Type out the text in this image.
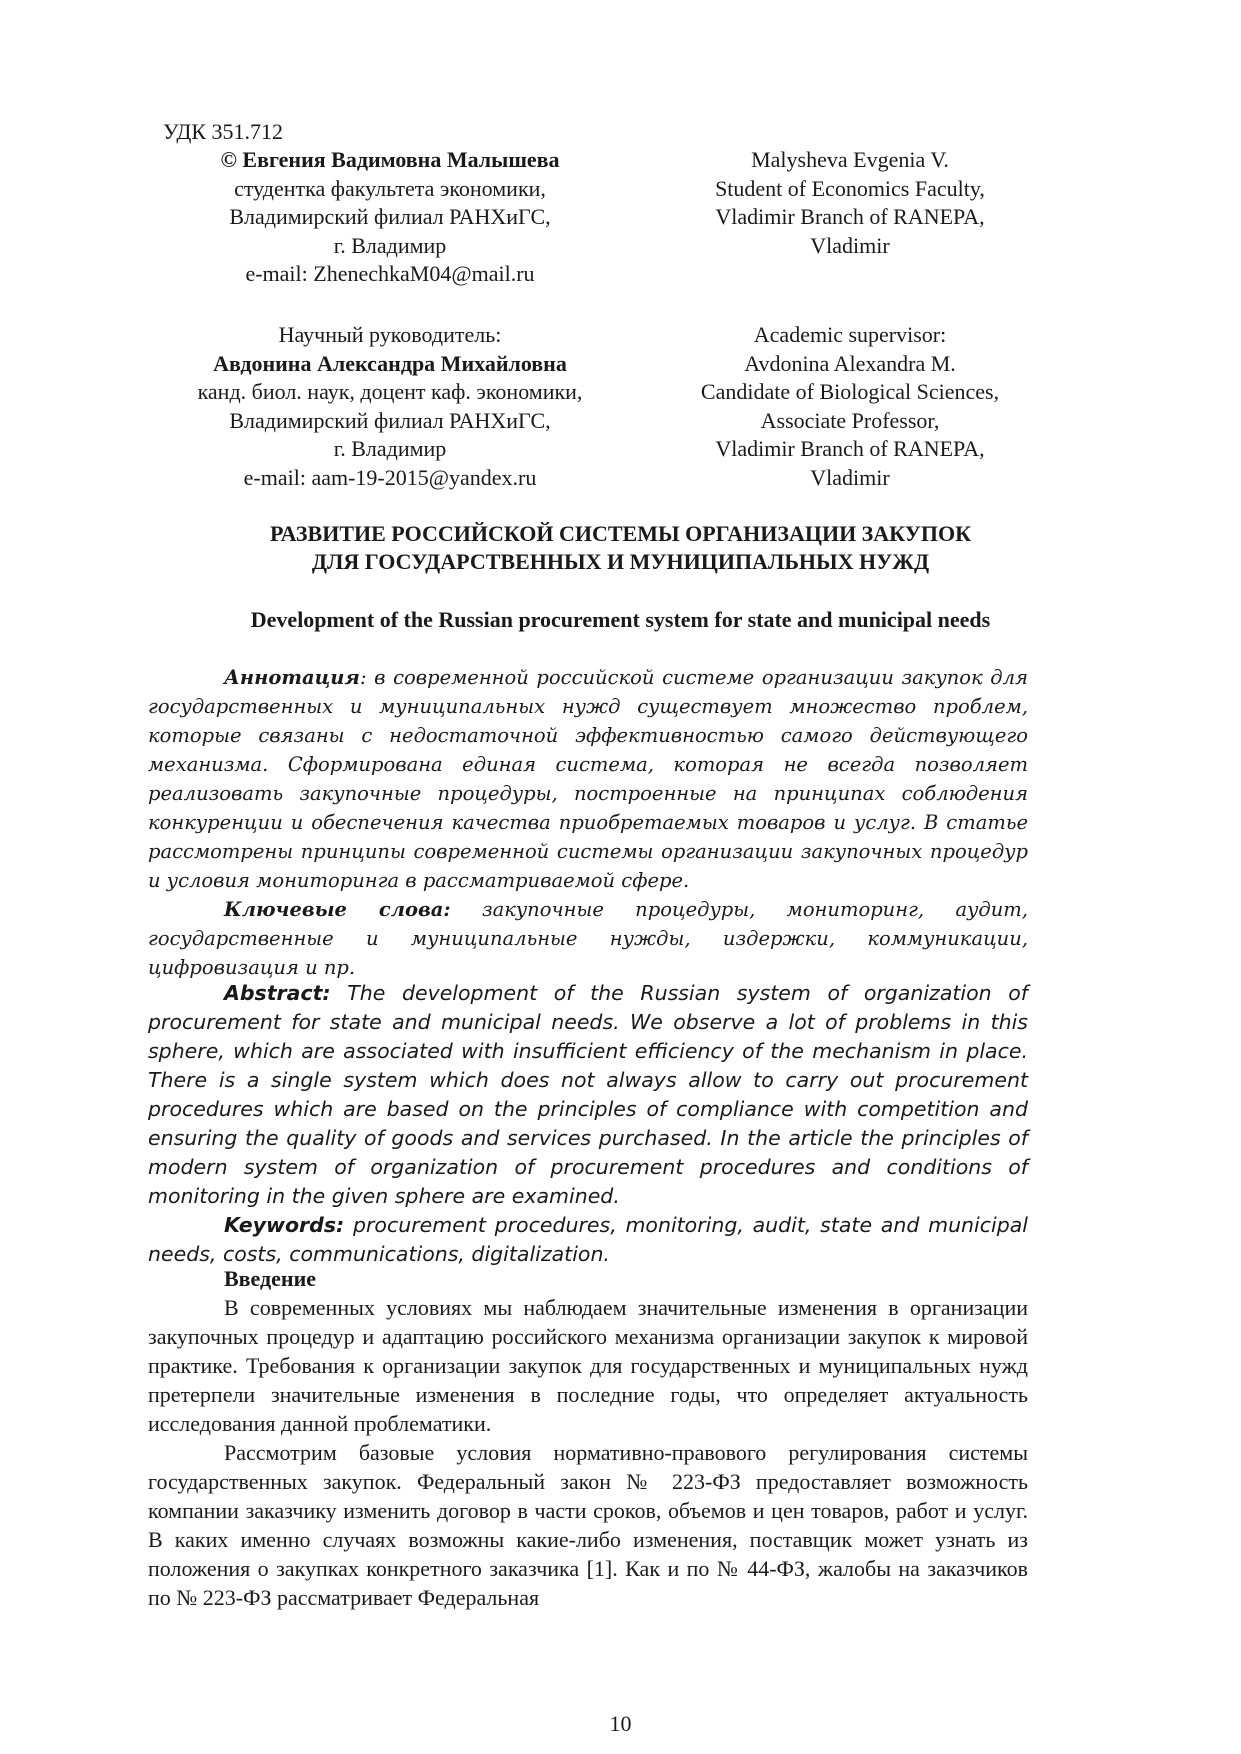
УДК 351.712
© Евгения Вадимовна Малышева
студентка факультета экономики,
Владимирский филиал РАНХиГС,
г. Владимир
e-mail: ZhenechkaM04@mail.ru
Malysheva Evgenia V.
Student of Economics Faculty,
Vladimir Branch of RANEPA,
Vladimir
Научный руководитель:
Авдонина Александра Михайловна
канд. биол. наук, доцент каф. экономики,
Владимирский филиал РАНХиГС,
г. Владимир
e-mail: aam-19-2015@yandex.ru
Academic supervisor:
Avdonina Alexandra M.
Candidate of Biological Sciences,
Associate Professor,
Vladimir Branch of RANEPA,
Vladimir
РАЗВИТИЕ РОССИЙСКОЙ СИСТЕМЫ ОРГАНИЗАЦИИ ЗАКУПОК
ДЛЯ ГОСУДАРСТВЕННЫХ И МУНИЦИПАЛЬНЫХ НУЖД
Development of the Russian procurement system for state and municipal needs

Аннотация: в современной российской системе организации закупок для государственных и муниципальных нужд существует множество проблем, которые связаны с недостаточной эффективностью самого действующего механизма. Сформирована единая система, которая не всегда позволяет реализовать закупочные процедуры, построенные на принципах соблюдения конкуренции и обеспечения качества приобретаемых товаров и услуг. В статье рассмотрены принципы современной системы организации закупочных процедур и условия мониторинга в рассматриваемой сфере.

Ключевые слова: закупочные процедуры, мониторинг, аудит, государственные и муниципальные нужды, издержки, коммуникации, цифровизация и пр.

Abstract: The development of the Russian system of organization of procurement for state and municipal needs. We observe a lot of problems in this sphere, which are associated with insufficient efficiency of the mechanism in place. There is a single system which does not always allow to carry out procurement procedures which are based on the principles of compliance with competition and ensuring the quality of goods and services purchased. In the article the principles of modern system of organization of procurement procedures and conditions of monitoring in the given sphere are examined.

Keywords: procurement procedures, monitoring, audit, state and municipal needs, costs, communications, digitalization.

Введение

В современных условиях мы наблюдаем значительные изменения в организации закупочных процедур и адаптацию российского механизма организации закупок к мировой практике. Требования к организации закупок для государственных и муниципальных нужд претерпели значительные изменения в последние годы, что определяет актуальность исследования данной проблематики.

Рассмотрим базовые условия нормативно-правового регулирования системы государственных закупок. Федеральный закон № 223-ФЗ предоставляет возможность компании заказчику изменить договор в части сроков, объемов и цен товаров, работ и услуг. В каких именно случаях возможны какие-либо изменения, поставщик может узнать из положения о закупках конкретного заказчика [1]. Как и по № 44-ФЗ, жалобы на заказчиков по № 223-ФЗ рассматривает Федеральная

10
